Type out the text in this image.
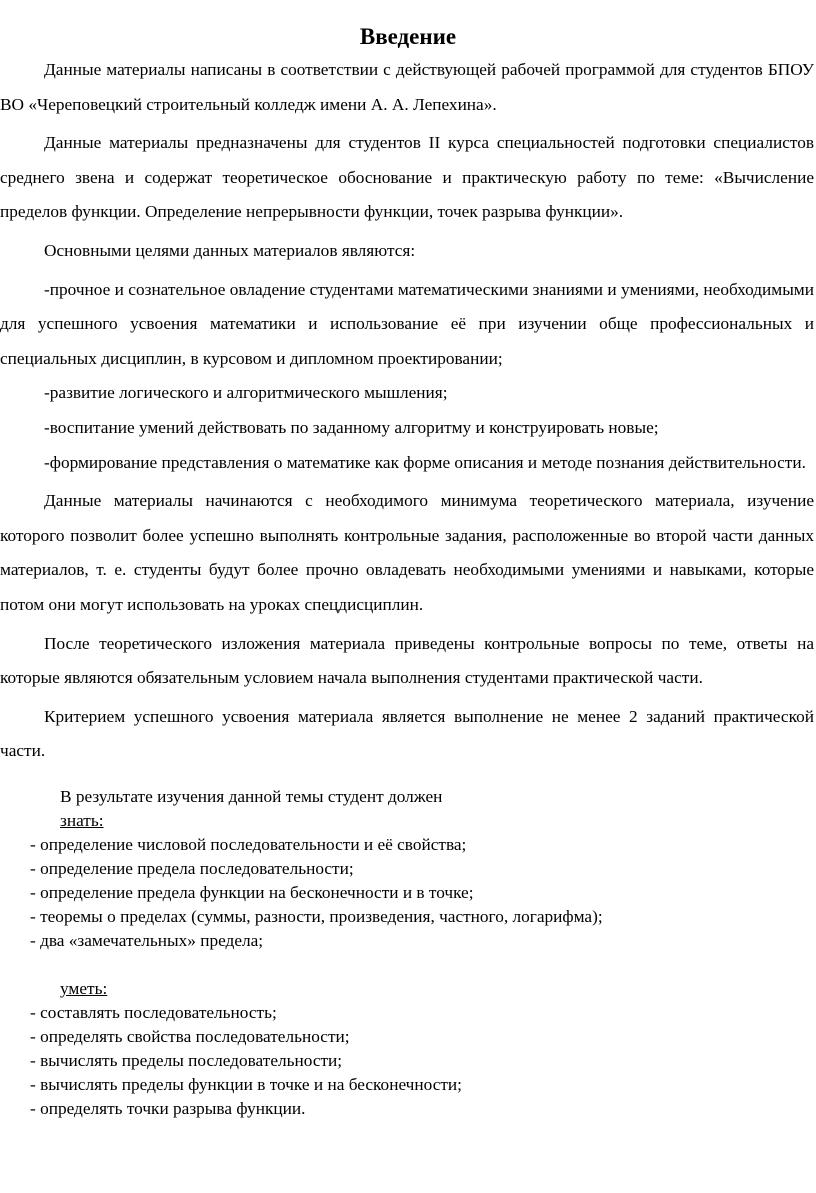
Введение

Данные материалы написаны в соответствии с действующей рабочей программой для студентов БПОУ ВО «Череповецкий строительный колледж имени А. А. Лепехина».

Данные материалы предназначены для студентов II курса специальностей подготовки специалистов среднего звена и содержат теоретическое обоснование и практическую работу по теме: «Вычисление пределов функции. Определение непрерывности функции, точек разрыва функции».

Основными целями данных материалов являются:

-прочное и сознательное овладение студентами математическими знаниями и умениями, необходимыми для успешного усвоения математики и использование её при изучении обще профессиональных и специальных дисциплин, в курсовом и дипломном проектировании;

-развитие логического и алгоритмического мышления;

-воспитание умений действовать по заданному алгоритму и конструировать новые;

-формирование представления о математике как форме описания и методе познания действительности.

Данные материалы начинаются с необходимого минимума теоретического материала, изучение которого позволит более успешно выполнять контрольные задания, расположенные во второй части данных материалов, т. е. студенты будут более прочно овладевать необходимыми умениями и навыками, которые потом они могут использовать на уроках спецдисциплин.

После теоретического изложения материала приведены контрольные вопросы по теме, ответы на которые являются обязательным условием начала выполнения студентами практической части.

Критерием успешного усвоения материала является выполнение не менее 2 заданий практической части.

В результате изучения данной темы студент должен
знать:
- определение числовой последовательности и её свойства;
- определение предела последовательности;
- определение предела функции на бесконечности и в точке;
- теоремы о пределах (суммы, разности, произведения, частного, логарифма);
- два «замечательных» предела;
уметь:
- составлять последовательность;
- определять свойства последовательности;
- вычислять пределы последовательности;
- вычислять пределы функции в точке и на бесконечности;
- определять точки разрыва функции.
